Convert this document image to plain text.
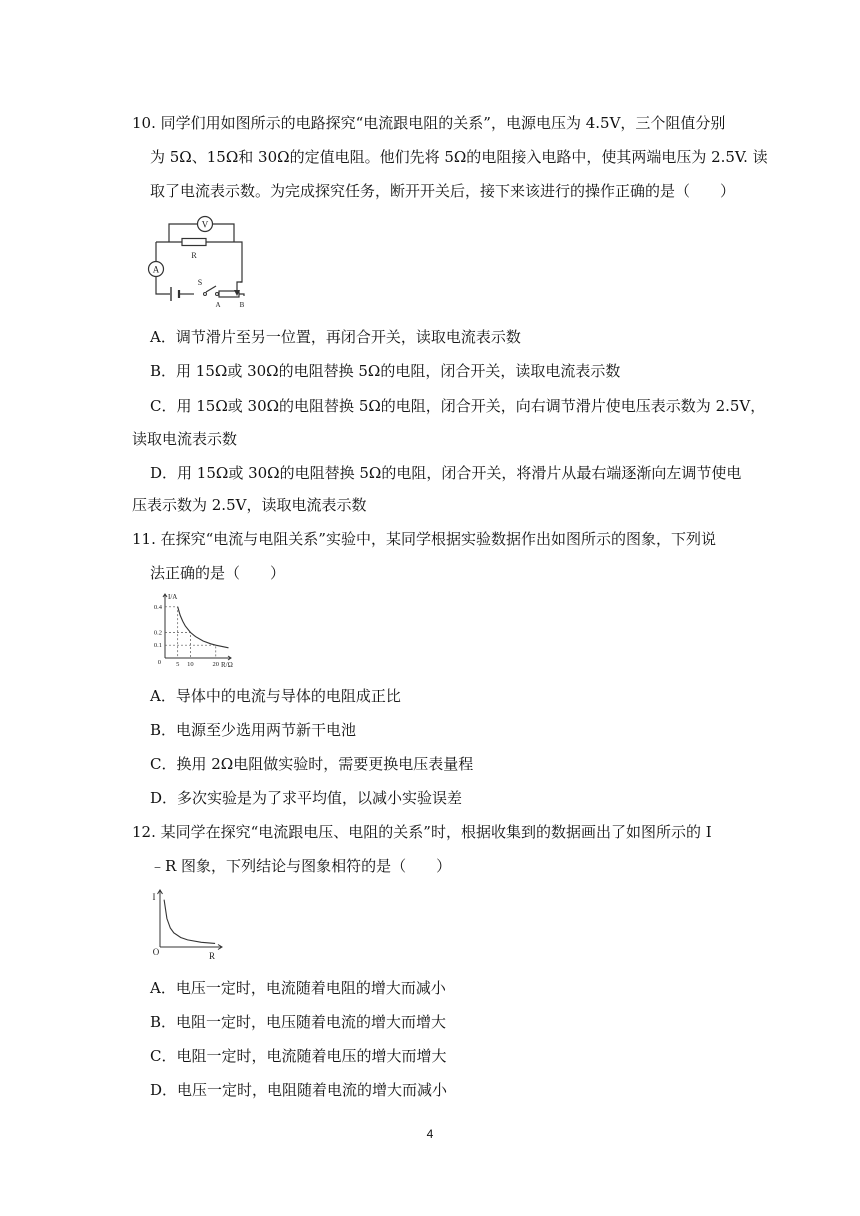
10. 同学们用如图所示的电路探究“电流跟电阻的关系”，电源电压为 4.5V，三个阻值分别
为 5Ω、15Ω和 30Ω的定值电阻。他们先将 5Ω的电阻接入电路中，使其两端电压为 2.5V. 读
取了电流表示数。为完成探究任务，断开开关后，接下来该进行的操作正确的是（　　）
V
R
A
S
A	B
A．调节滑片至另一位置，再闭合开关，读取电流表示数
B．用 15Ω或 30Ω的电阻替换 5Ω的电阻，闭合开关，读取电流表示数
C．用 15Ω或 30Ω的电阻替换 5Ω的电阻，闭合开关，向右调节滑片使电压表示数为 2.5V，
读取电流表示数
D．用 15Ω或 30Ω的电阻替换 5Ω的电阻，闭合开关，将滑片从最右端逐渐向左调节使电
压表示数为 2.5V，读取电流表示数
11. 在探究“电流与电阻关系”实验中，某同学根据实验数据作出如图所示的图象，下列说
法正确的是（　　）
5 10	20
0.4
0.2
0.1
0
I/A
R/Ω
A．导体中的电流与导体的电阻成正比
B．电源至少选用两节新干电池
C．换用 2Ω电阻做实验时，需要更换电压表量程
D．多次实验是为了求平均值，以减小实验误差
12. 某同学在探究“电流跟电压、电阻的关系”时，根据收集到的数据画出了如图所示的 I
﹣R 图象，下列结论与图象相符的是（　　）
I
O	R
A．电压一定时，电流随着电阻的增大而减小
B．电阻一定时，电压随着电流的增大而增大
C．电阻一定时，电流随着电压的增大而增大
D．电压一定时，电阻随着电流的增大而减小
4
